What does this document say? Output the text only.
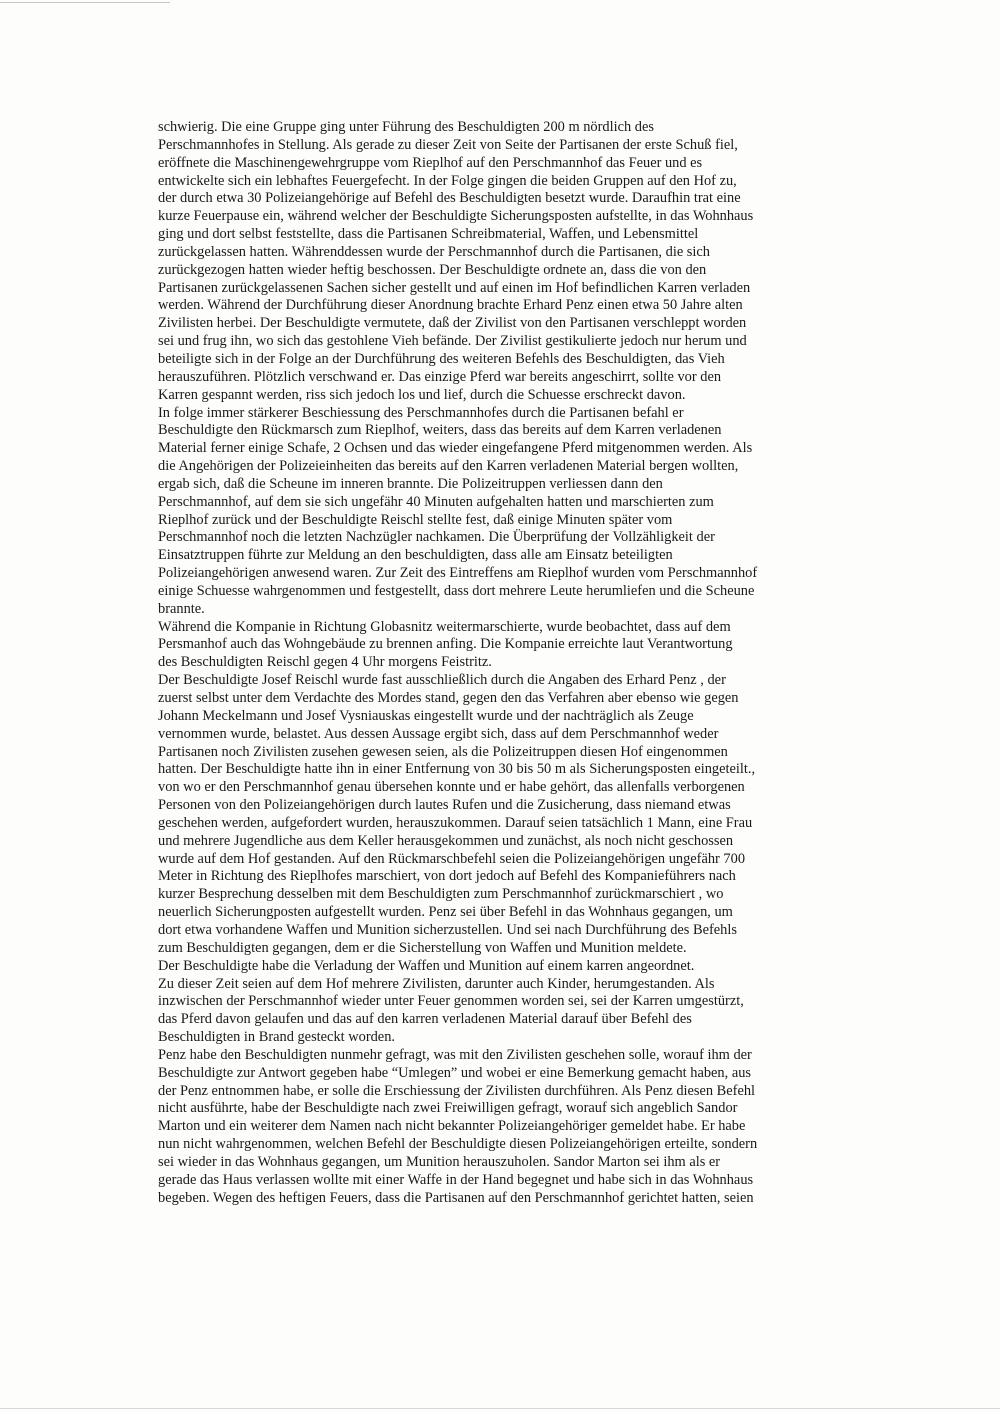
schwierig. Die eine Gruppe ging unter Führung des Beschuldigten 200 m nördlich des
Perschmannhofes in Stellung. Als gerade zu dieser Zeit von Seite der Partisanen der erste Schuß fiel,
eröffnete die Maschinengewehrgruppe vom Rieplhof auf den Perschmannhof das Feuer und es
entwickelte sich ein lebhaftes Feuergefecht. In der Folge gingen die beiden Gruppen auf den Hof zu,
der durch etwa 30 Polizeiangehörige auf Befehl des Beschuldigten besetzt wurde. Daraufhin trat eine
kurze Feuerpause ein, während welcher der Beschuldigte Sicherungsposten aufstellte, in das Wohnhaus
ging und dort selbst feststellte, dass die Partisanen Schreibmaterial, Waffen, und Lebensmittel
zurückgelassen hatten. Währenddessen wurde der Perschmannhof durch die Partisanen, die sich
zurückgezogen hatten wieder heftig beschossen. Der Beschuldigte ordnete an, dass die von den
Partisanen zurückgelassenen Sachen sicher gestellt und auf einen im Hof befindlichen Karren verladen
werden. Während der Durchführung dieser Anordnung brachte Erhard Penz einen etwa 50 Jahre alten
Zivilisten herbei. Der Beschuldigte vermutete, daß der Zivilist von den Partisanen verschleppt worden
sei und frug ihn, wo sich das gestohlene Vieh befände. Der Zivilist gestikulierte jedoch nur herum und
beteiligte sich in der Folge an der Durchführung des weiteren Befehls des Beschuldigten, das Vieh
herauszuführen. Plötzlich verschwand er. Das einzige Pferd war bereits angeschirrt, sollte vor den
Karren gespannt werden, riss sich jedoch los und lief, durch die Schuesse erschreckt davon.
In folge immer stärkerer Beschiessung des Perschmannhofes durch die Partisanen befahl er
Beschuldigte den Rückmarsch zum Rieplhof, weiters, dass das bereits auf dem Karren verladenen
Material ferner einige Schafe, 2 Ochsen und das wieder eingefangene Pferd mitgenommen werden. Als
die Angehörigen der Polizeieinheiten das bereits auf den Karren verladenen Material bergen wollten,
ergab sich, daß die Scheune im inneren brannte. Die Polizeitruppen verliessen dann den
Perschmannhof, auf dem sie sich ungefähr 40 Minuten aufgehalten hatten und marschierten zum
Rieplhof zurück und der Beschuldigte Reischl stellte fest, daß einige Minuten später vom
Perschmannhof noch die letzten Nachzügler nachkamen. Die Überprüfung der Vollzähligkeit der
Einsatztruppen führte zur Meldung an den beschuldigten, dass alle am Einsatz beteiligten
Polizeiangehörigen anwesend waren. Zur Zeit des Eintreffens am Rieplhof wurden vom Perschmannhof
einige Schuesse wahrgenommen und festgestellt, dass dort mehrere Leute herumliefen und die Scheune
brannte.
Während die Kompanie in Richtung Globasnitz weitermarschierte, wurde beobachtet, dass auf dem
Persmanhof auch das Wohngebäude zu brennen anfing. Die Kompanie erreichte laut Verantwortung
des Beschuldigten Reischl gegen 4 Uhr morgens Feistritz.
Der Beschuldigte Josef Reischl wurde fast ausschließlich durch die Angaben des Erhard Penz , der
zuerst selbst unter dem Verdachte des Mordes stand, gegen den das Verfahren aber ebenso wie gegen
Johann Meckelmann und Josef Vysniauskas eingestellt wurde und der nachträglich als Zeuge
vernommen wurde, belastet. Aus dessen Aussage ergibt sich, dass auf dem Perschmannhof weder
Partisanen noch Zivilisten zusehen gewesen seien, als die Polizeitruppen diesen Hof eingenommen
hatten. Der Beschuldigte hatte ihn in einer Entfernung von 30 bis 50 m als Sicherungsposten eingeteilt.,
von wo er den Perschmannhof genau übersehen konnte und er habe gehört, das allenfalls verborgenen
Personen von den Polizeiangehörigen durch lautes Rufen und die Zusicherung, dass niemand etwas
geschehen werden, aufgefordert wurden, herauszukommen. Darauf seien tatsächlich 1 Mann, eine Frau
und mehrere Jugendliche aus dem Keller herausgekommen und zunächst, als noch nicht geschossen
wurde auf dem Hof gestanden. Auf den Rückmarschbefehl seien die Polizeiangehörigen ungefähr 700
Meter in Richtung des Rieplhofes marschiert, von dort jedoch auf Befehl des Kompanieführers nach
kurzer Besprechung desselben mit dem Beschuldigten zum Perschmannhof zurückmarschiert , wo
neuerlich Sicherungposten aufgestellt wurden. Penz sei über Befehl in das Wohnhaus gegangen, um
dort etwa vorhandene Waffen und Munition sicherzustellen. Und sei nach Durchführung des Befehls
zum Beschuldigten gegangen, dem er die Sicherstellung von Waffen und Munition meldete.
Der Beschuldigte habe die Verladung der Waffen und Munition auf einem karren angeordnet.
Zu dieser Zeit seien auf dem Hof mehrere Zivilisten, darunter auch Kinder, herumgestanden. Als
inzwischen der Perschmannhof wieder unter Feuer genommen worden sei, sei der Karren umgestürzt,
das Pferd davon gelaufen und das auf den karren verladenen Material darauf über Befehl des
Beschuldigten in Brand gesteckt worden.
Penz habe den Beschuldigten nunmehr gefragt, was mit den Zivilisten geschehen solle, worauf ihm der
Beschuldigte zur Antwort gegeben habe “Umlegen” und wobei er eine Bemerkung gemacht haben, aus
der Penz entnommen habe, er solle die Erschiessung der Zivilisten durchführen. Als Penz diesen Befehl
nicht ausführte, habe der Beschuldigte nach zwei Freiwilligen gefragt, worauf sich angeblich Sandor
Marton und ein weiterer dem Namen nach nicht bekannter Polizeiangehöriger gemeldet habe. Er habe
nun nicht wahrgenommen, welchen Befehl der Beschuldigte diesen Polizeiangehörigen erteilte, sondern
sei wieder in das Wohnhaus gegangen, um Munition herauszuholen. Sandor Marton sei ihm als er
gerade das Haus verlassen wollte mit einer Waffe in der Hand begegnet und habe sich in das Wohnhaus
begeben. Wegen des heftigen Feuers, dass die Partisanen auf den Perschmannhof gerichtet hatten, seien
